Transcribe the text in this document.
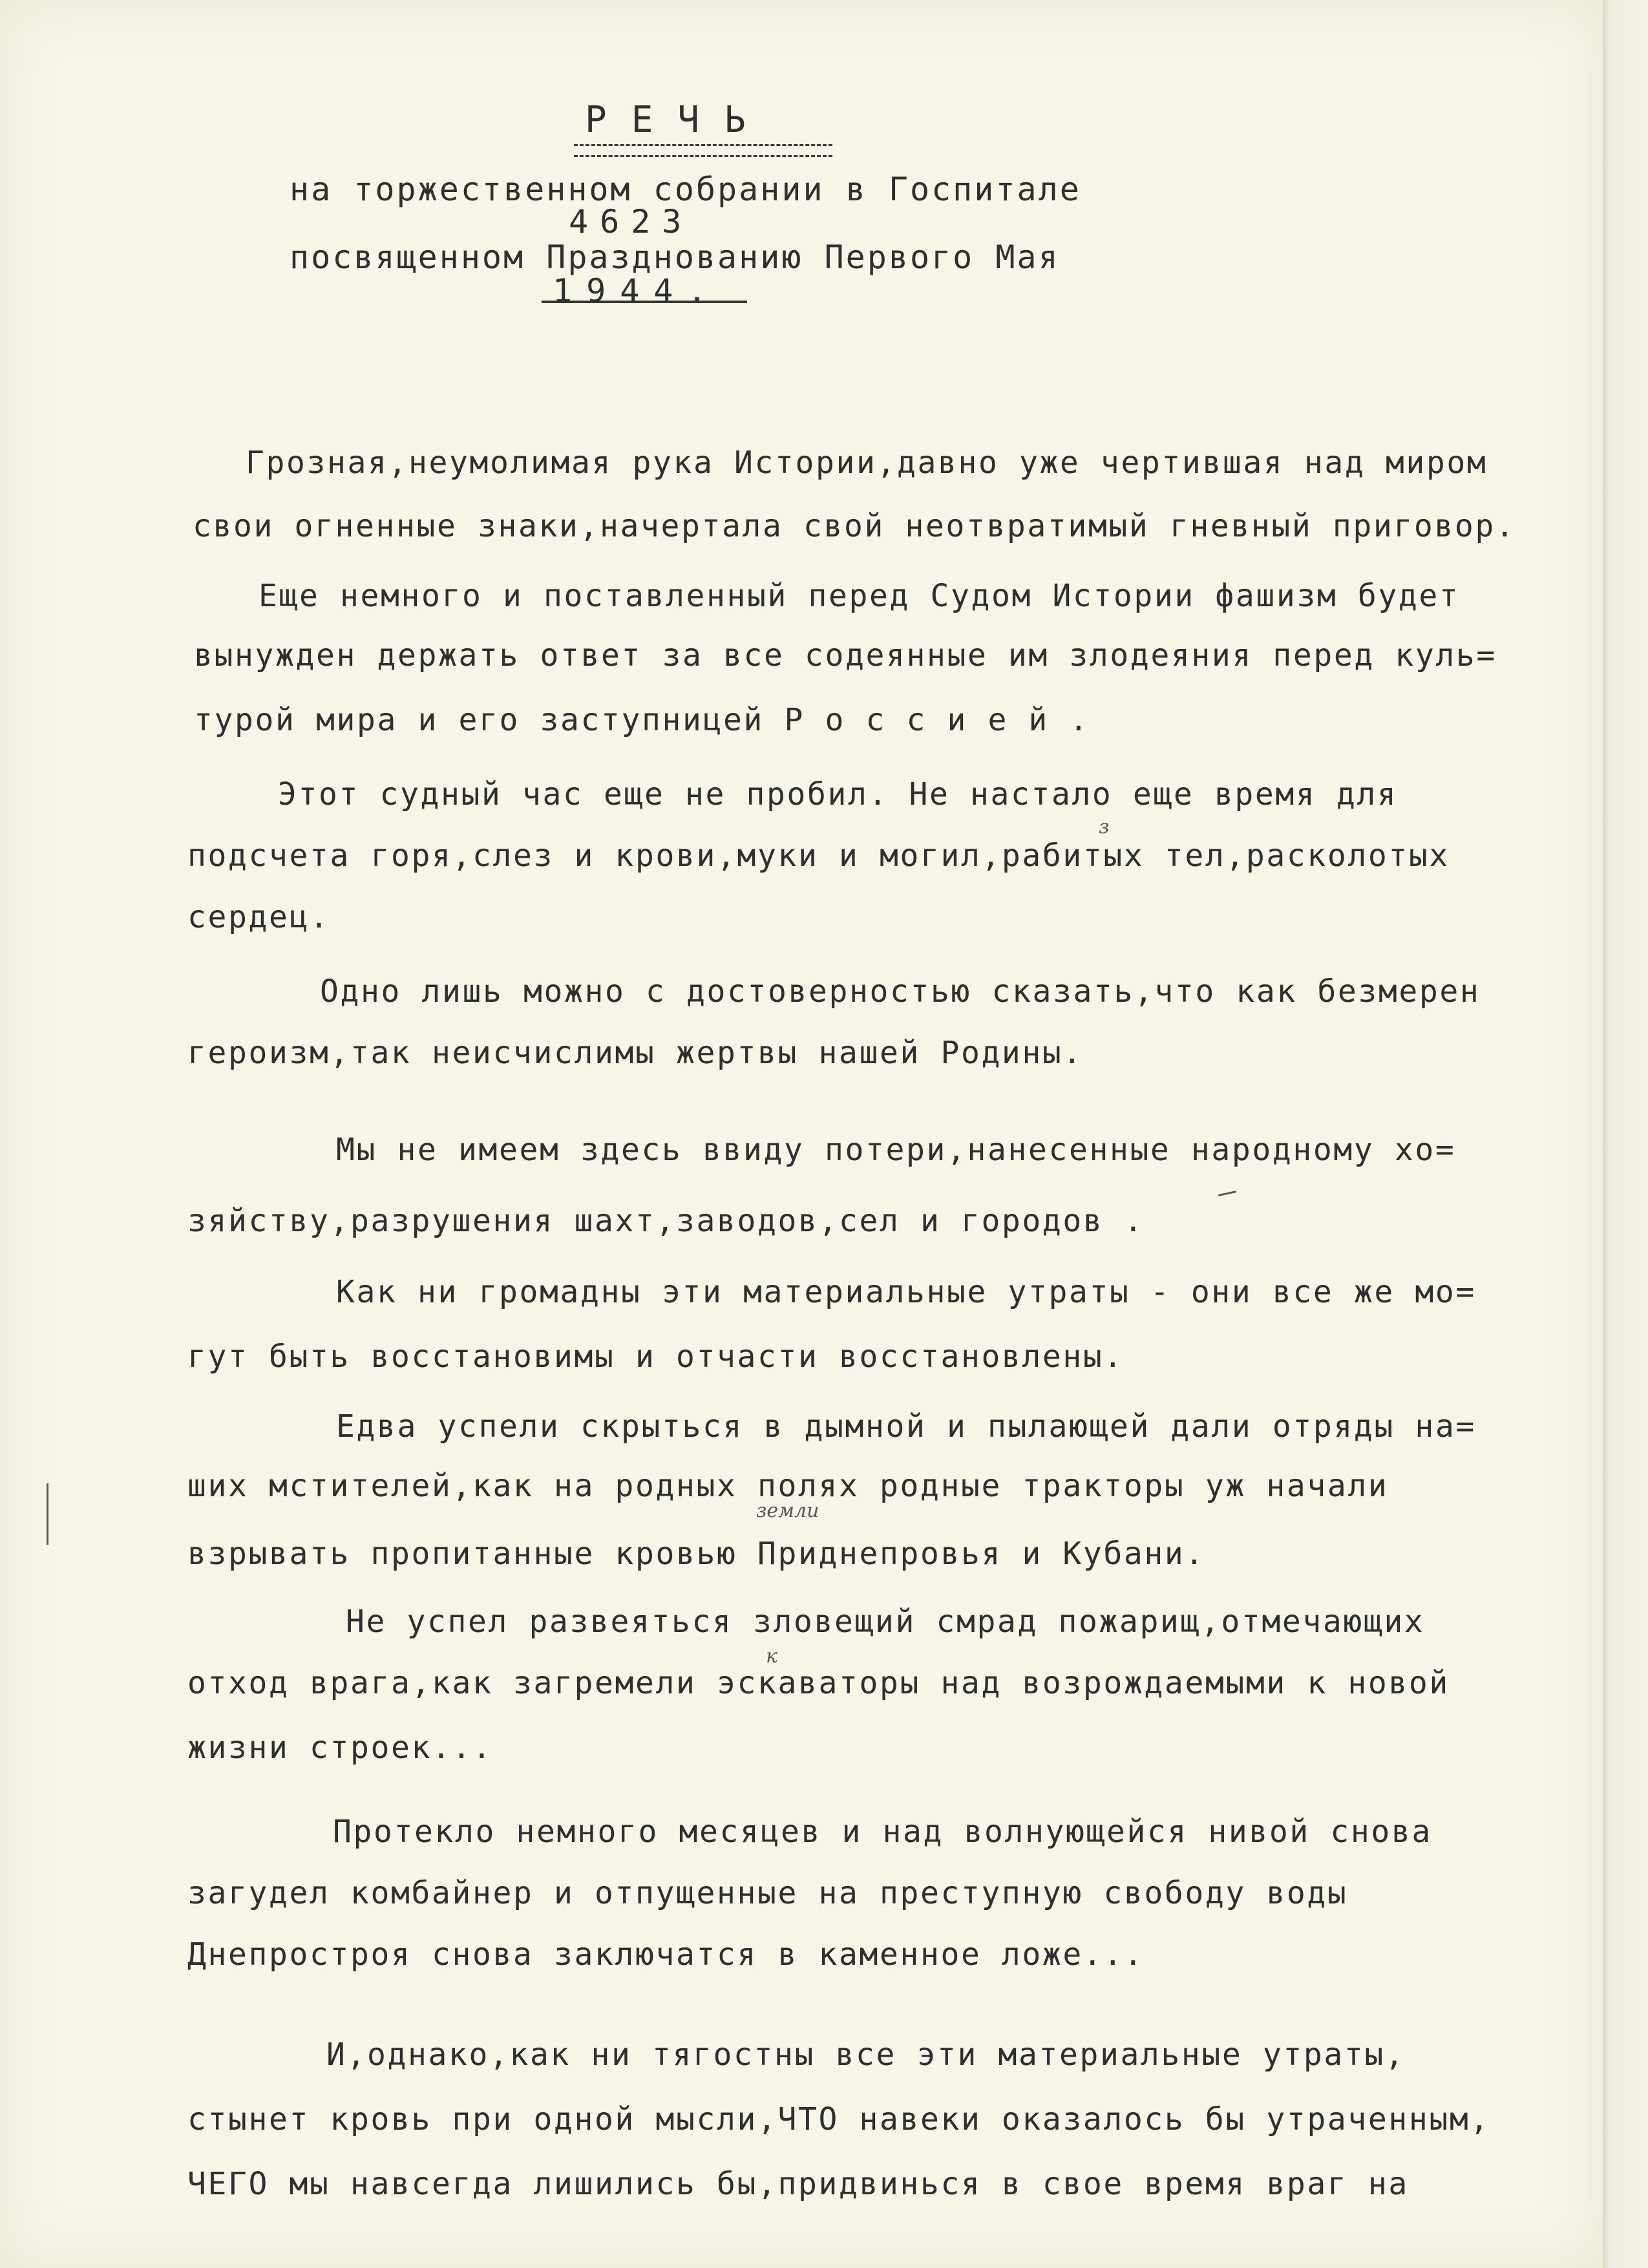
РЕЧЬ
на торжественном собрании в Госпитале
4623
посвященном Празднованию Первого Мая
1944.
Грозная,неумолимая рука Истории,давно уже чертившая над миром
свои огненные знаки,начертала свой неотвратимый гневный приговор.
Еще немного и поставленный перед Судом Истории фашизм будет
вынужден держать ответ за все содеянные им злодеяния перед куль=
турой мира и его заступницей Р о с с и е й .
Этот судный час еще не пробил. Не настало еще время для
подсчета горя,слез и крови,муки и могил,рабитых тел,расколотых
з
сердец.
Одно лишь можно с достоверностью сказать,что как безмерен
героизм,так неисчислимы жертвы нашей Родины.
Мы не имеем здесь ввиду потери,нанесенные народному хо=
зяйству,разрушения шахт,заводов,сел и городов .
Как ни громадны эти материальные утраты - они все же мо=
гут быть восстановимы и отчасти восстановлены.
Едва успели скрыться в дымной и пылающей дали отряды на=
ших мстителей,как на родных полях родные тракторы уж начали
земли
взрывать пропитанные кровью Приднепровья и Кубани.
Не успел развеяться зловещий смрад пожарищ,отмечающих
к
отход врага,как загремели эскаваторы над возрождаемыми к новой
жизни строек...
Протекло немного месяцев и над волнующейся нивой снова
загудел комбайнер и отпущенные на преступную свободу воды
Днепростроя снова заключатся в каменное ложе...
И,однако,как ни тягостны все эти материальные утраты,
стынет кровь при одной мысли,ЧТО навеки оказалось бы утраченным,
ЧЕГО мы навсегда лишились бы,придвинься в свое время враг на
